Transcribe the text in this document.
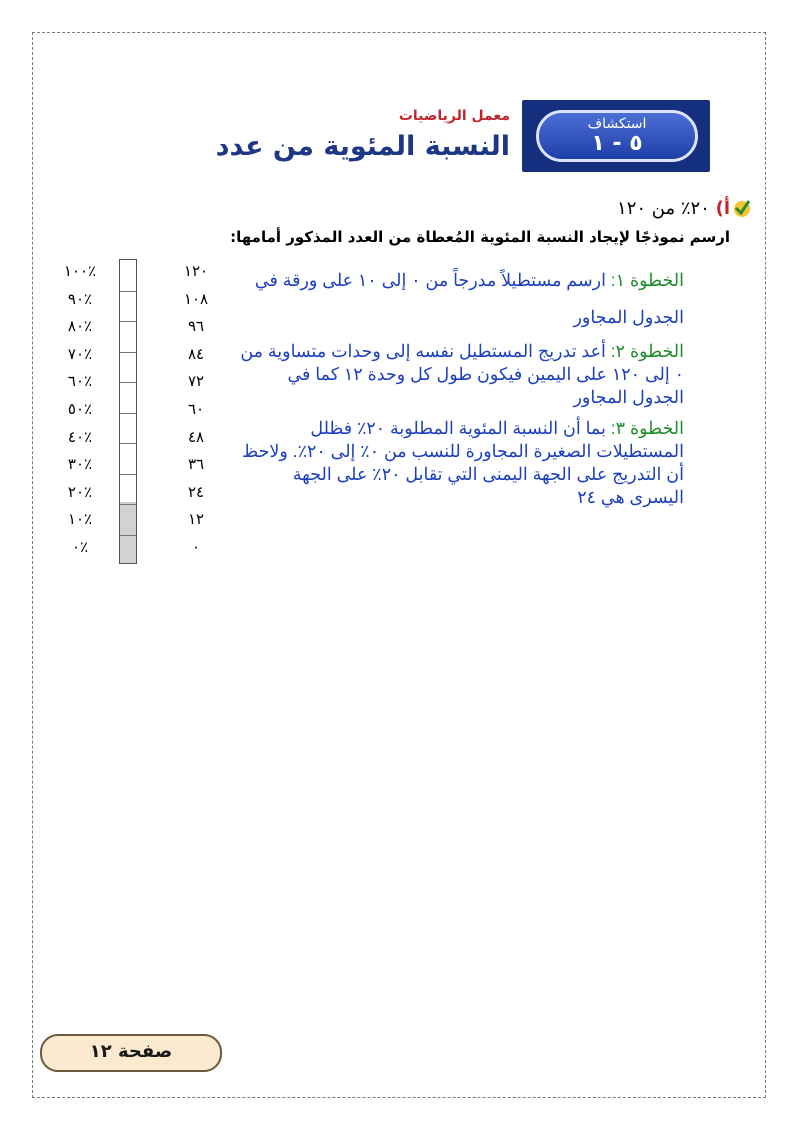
استكشاف
٥ - ١
معمل الرياضيات
النسبة المئوية من عدد
أ) ٢٠٪ من ١٢٠
ارسم نموذجًا لإيجاد النسبة المئوية المُعطاة من العدد المذكور أمامها:

الخطوة ١: ارسم مستطيلاً مدرجاً من ٠ إلى ١٠ على ورقة في الجدول المجاور

الخطوة ٢: أعد تدريج المستطيل نفسه إلى وحدات متساوية من ٠ إلى ١٢٠ على اليمين فيكون طول كل وحدة ١٢ كما في الجدول المجاور

الخطوة ٣: بما أن النسبة المئوية المطلوبة ٢٠٪ فظلل المستطيلات الصغيرة المجاورة للنسب من ٠٪ إلى ٢٠٪. ولاحظ أن التدريج على الجهة اليمنى التي تقابل ٢٠٪ على الجهة اليسرى هي ٢٤

صفحة ١٢
٪١٠٠
٪٩٠
٪٨٠
٪٧٠
٪٦٠
٪٥٠
٪٤٠
٪٣٠
٪٢٠
٪١٠
٪٠
١٢٠
١٠٨
٩٦
٨٤
٧٢
٦٠
٤٨
٣٦
٢٤
١٢
٠
